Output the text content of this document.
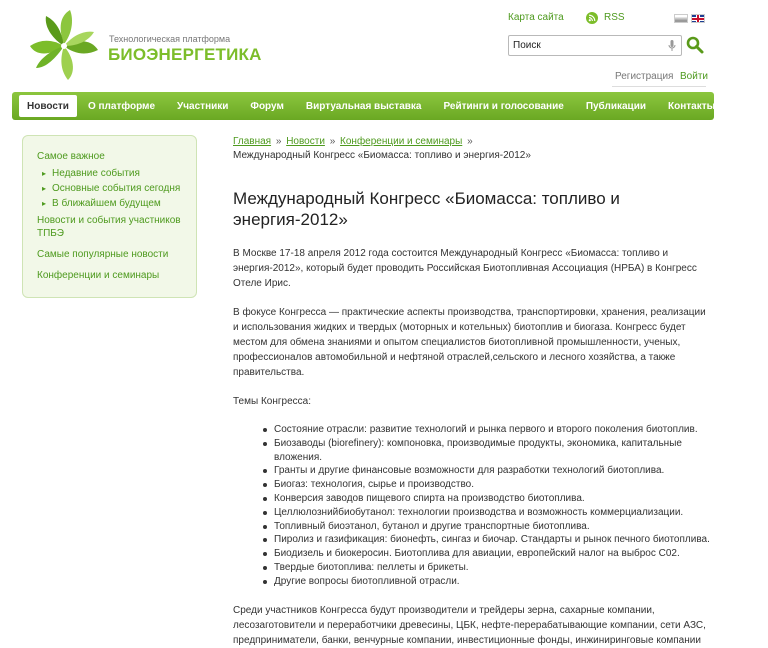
Технологическая платформа
БИОЭНЕРГЕТИКА
Карта сайта	RSS
Поиск
Регистрация Войти
Новости	О платформе	Участники	Форум	Виртуальная выставка	Рейтинги и голосование	Публикации	Контакты
Самое важное
▸ Недавние события
▸ Основные события сегодня
▸ В ближайшем будущем
Новости и события участников ТПБЭ
Самые популярные новости
Конференции и семинары
Главная » Новости » Конференции и семинары »
Международный Конгресс «Биомасса: топливо и энергия-2012»
Международный Конгресс «Биомасса: топливо и энергия-2012»

В Москве 17-18 апреля 2012 года состоится Международный Конгресс «Биомасса: топливо и энергия-2012», который будет проводить Российская Биотопливная Ассоциация (НРБА) в Конгресс Отеле Ирис.

В фокусе Конгресса — практические аспекты производства, транспортировки, хранения, реализации и использования жидких и твердых (моторных и котельных) биотоплив и биогаза. Конгресс будет местом для обмена знаниями и опытом специалистов биотопливной промышленности, ученых, профессионалов автомобильной и нефтяной отраслей,сельского и лесного хозяйства, а также правительства.

Темы Конгресса:

Состояние отрасли: развитие технологий и рынка первого и второго поколения биотоплив.
Биозаводы (biorefinery): компоновка, производимые продукты, экономика, капитальные вложения.
Гранты и другие финансовые возможности для разработки технологий биотоплива.
Биогаз: технология, сырье и производство.
Конверсия заводов пищевого спирта на производство биотоплива.
Целлюлознийбиобутанол: технологии производства и возможность коммерциализации.
Топливный биоэтанол, бутанол и другие транспортные биотоплива.
Пиролиз и газификация: бионефть, сингаз и биочар. Стандарты и рынок печного биотоплива.
Биодизель и биокеросин. Биотоплива для авиации, европейский налог на выброс С02.
Твердые биотоплива: пеллеты и брикеты.
Другие вопросы биотопливной отрасли.

Среди участников Конгресса будут производители и трейдеры зерна, сахарные компании, лесозаготовители и переработчики древесины, ЦБК, нефте-перерабатывающие компании, сети АЗС, предприниматели, банки, венчурные компании, инвестиционные фонды, инжиниринговые компании
